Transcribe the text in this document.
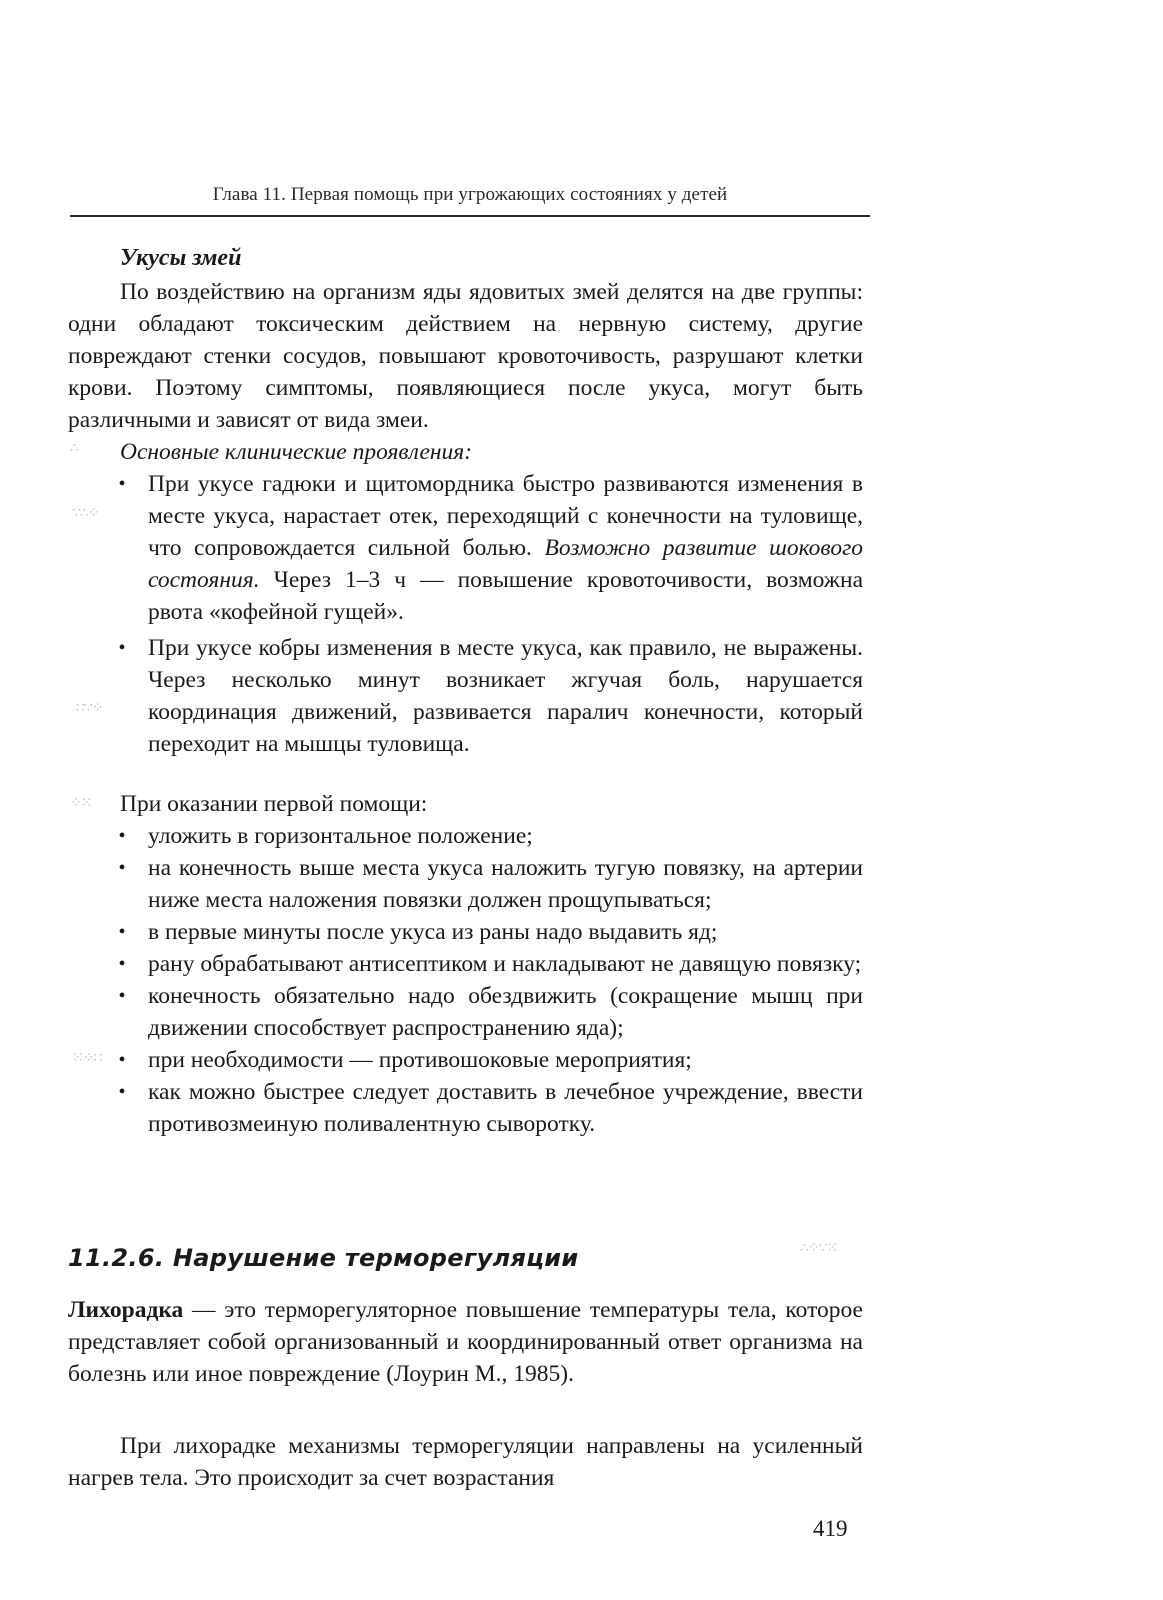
Глава 11. Первая помощь при угрожающих состояниях у детей
Укусы змей

По воздействию на организм яды ядовитых змей делятся на две группы: одни обладают токсическим действием на нервную систему, другие повреждают стенки сосудов, повышают кровоточивость, разрушают клетки крови. Поэтому симптомы, появляющиеся после укуса, могут быть различными и зависят от вида змеи.

Основные клинические проявления:
• При укусе гадюки и щитомордника быстро развиваются изменения в месте укуса, нарастает отек, переходящий с конечности на туловище, что сопровождается сильной болью. Возможно развитие шокового состояния. Через 1–3 ч — повышение кровоточивости, возможна рвота «кофейной гущей».
• При укусе кобры изменения в месте укуса, как правило, не выражены. Через несколько минут возникает жгучая боль, нарушается координация движений, развивается паралич конечности, который переходит на мышцы туловища.
При оказании первой помощи:
• уложить в горизонтальное положение;
• на конечность выше места укуса наложить тугую повязку, на артерии ниже места наложения повязки должен прощупываться;
• в первые минуты после укуса из раны надо выдавить яд;
• рану обрабатывают антисептиком и накладывают не давящую повязку;
• конечность обязательно надо обездвижить (сокращение мышц при движении способствует распространению яда);
• при необходимости — противошоковые мероприятия;
• как можно быстрее следует доставить в лечебное учреждение, ввести противозмеиную поливалентную сыворотку.
11.2.6. Нарушение терморегуляции

Лихорадка — это терморегуляторное повышение температуры тела, которое представляет собой организованный и координированный ответ организма на болезнь или иное повреждение (Лоурин М., 1985).

При лихорадке механизмы терморегуляции направлены на усиленный нагрев тела. Это происходит за счет возрастания

419
∴
∵∴⁘
∷∵⁘
⁘⁙
⁙⁘∷
∴⁘∵⁙
